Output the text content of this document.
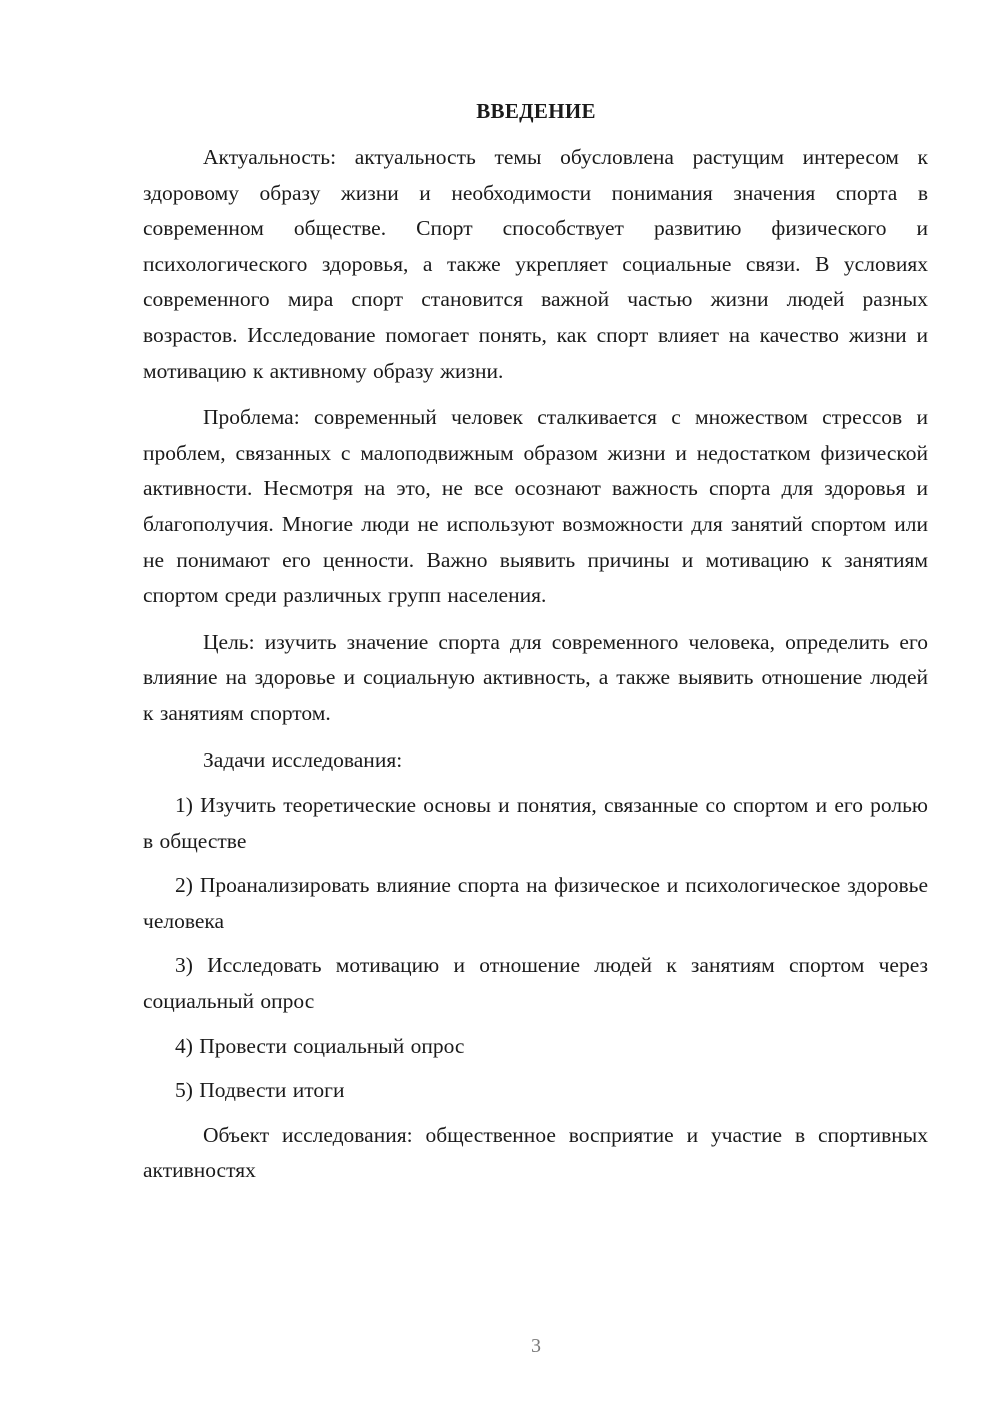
ВВЕДЕНИЕ

Актуальность: актуальность темы обусловлена растущим интересом к здоровому образу жизни и необходимости понимания значения спорта в современном обществе. Спорт способствует развитию физического и психологического здоровья, а также укрепляет социальные связи. В условиях современного мира спорт становится важной частью жизни людей разных возрастов. Исследование помогает понять, как спорт влияет на качество жизни и мотивацию к активному образу жизни.

Проблема: современный человек сталкивается с множеством стрессов и проблем, связанных с малоподвижным образом жизни и недостатком физической активности. Несмотря на это, не все осознают важность спорта для здоровья и благополучия. Многие люди не используют возможности для занятий спортом или не понимают его ценности. Важно выявить причины и мотивацию к занятиям спортом среди различных групп населения.

Цель: изучить значение спорта для современного человека, определить его влияние на здоровье и социальную активность, а также выявить отношение людей к занятиям спортом.

Задачи исследования:

1) Изучить теоретические основы и понятия, связанные со спортом и его ролью в обществе

2) Проанализировать влияние спорта на физическое и психологическое здоровье человека

3) Исследовать мотивацию и отношение людей к занятиям спортом через социальный опрос

4) Провести социальный опрос

5) Подвести итоги

Объект исследования: общественное восприятие и участие в спортивных активностях

3
